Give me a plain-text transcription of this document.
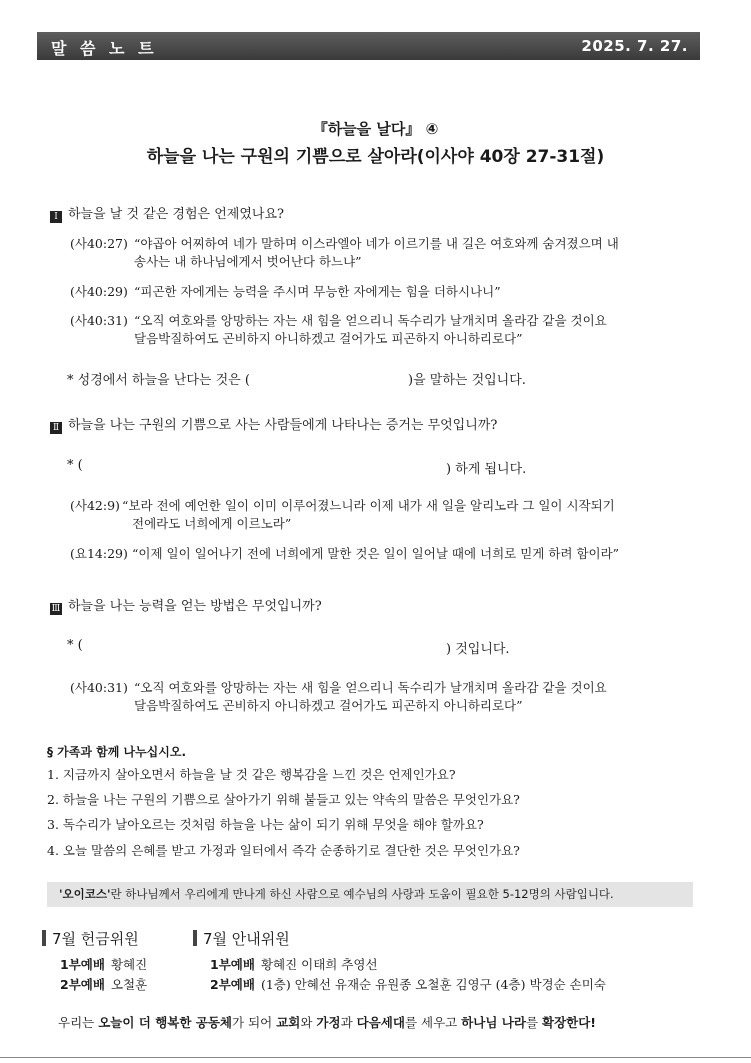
말 씀 노 트	2025. 7. 27.
『하늘을 날다』 ④
하늘을 나는 구원의 기쁨으로 살아라(이사야 40장 27-31절)
Ⅰ 하늘을 날 것 같은 경험은 언제였나요?
(사40:27) “야곱아 어찌하여 네가 말하며 이스라엘아 네가 이르기를 내 길은 여호와께 숨겨졌으며 내
송사는 내 하나님에게서 벗어난다 하느냐”
(사40:29) “피곤한 자에게는 능력을 주시며 무능한 자에게는 힘을 더하시나니”
(사40:31) “오직 여호와를 앙망하는 자는 새 힘을 얻으리니 독수리가 날개치며 올라감 같을 것이요
달음박질하여도 곤비하지 아니하겠고 걸어가도 피곤하지 아니하리로다”
* 성경에서 하늘을 난다는 것은 (	)을 말하는 것입니다.
Ⅱ 하늘을 나는 구원의 기쁨으로 사는 사람들에게 나타나는 증거는 무엇입니까?
* (	) 하게 됩니다.
(사42:9) “보라 전에 예언한 일이 이미 이루어졌느니라 이제 내가 새 일을 알리노라 그 일이 시작되기
전에라도 너희에게 이르노라”
(요14:29) “이제 일이 일어나기 전에 너희에게 말한 것은 일이 일어날 때에 너희로 믿게 하려 함이라”
Ⅲ 하늘을 나는 능력을 얻는 방법은 무엇입니까?
* (	) 것입니다.
(사40:31) “오직 여호와를 앙망하는 자는 새 힘을 얻으리니 독수리가 날개치며 올라감 같을 것이요
달음박질하여도 곤비하지 아니하겠고 걸어가도 피곤하지 아니하리로다”
§ 가족과 함께 나누십시오.
1. 지금까지 살아오면서 하늘을 날 것 같은 행복감을 느낀 것은 언제인가요?
2. 하늘을 나는 구원의 기쁨으로 살아가기 위해 붙들고 있는 약속의 말씀은 무엇인가요?
3. 독수리가 날아오르는 것처럼 하늘을 나는 삶이 되기 위해 무엇을 해야 할까요?
4. 오늘 말씀의 은혜를 받고 가정과 일터에서 즉각 순종하기로 결단한 것은 무엇인가요?
'오이코스'란 하나님께서 우리에게 만나게 하신 사람으로 예수님의 사랑과 도움이 필요한 5-12명의 사람입니다.
7월 헌금위원
1부예배 황혜진
2부예배 오철훈
7월 안내위원
1부예배 황혜진 이태희 추영선
2부예배 (1층) 안혜선 유재순 유원종 오철훈 김영구 (4층) 박경순 손미숙
우리는 오늘이 더 행복한 공동체가 되어 교회와 가정과 다음세대를 세우고 하나님 나라를 확장한다!
